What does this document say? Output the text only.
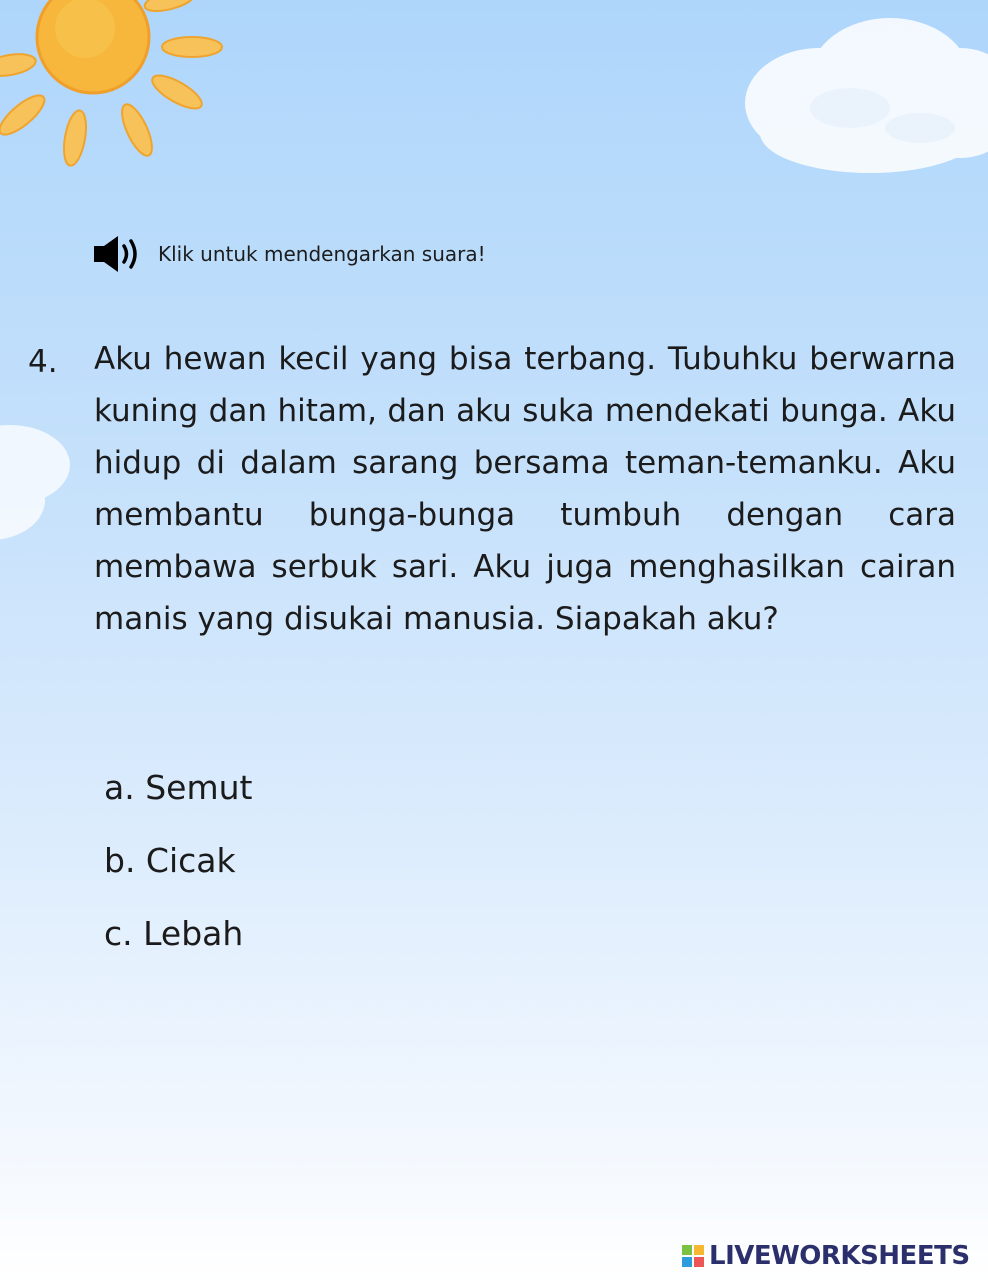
Klik untuk mendengarkan suara!
4. Aku hewan kecil yang bisa terbang. Tubuhku berwarna kuning dan hitam, dan aku suka mendekati bunga. Aku hidup di dalam sarang bersama teman-temanku. Aku membantu bunga-bunga tumbuh dengan cara membawa serbuk sari. Aku juga menghasilkan cairan manis yang disukai manusia. Siapakah aku?

a. Semut
b. Cicak
c. Lebah
LIVEWORKSHEETS
